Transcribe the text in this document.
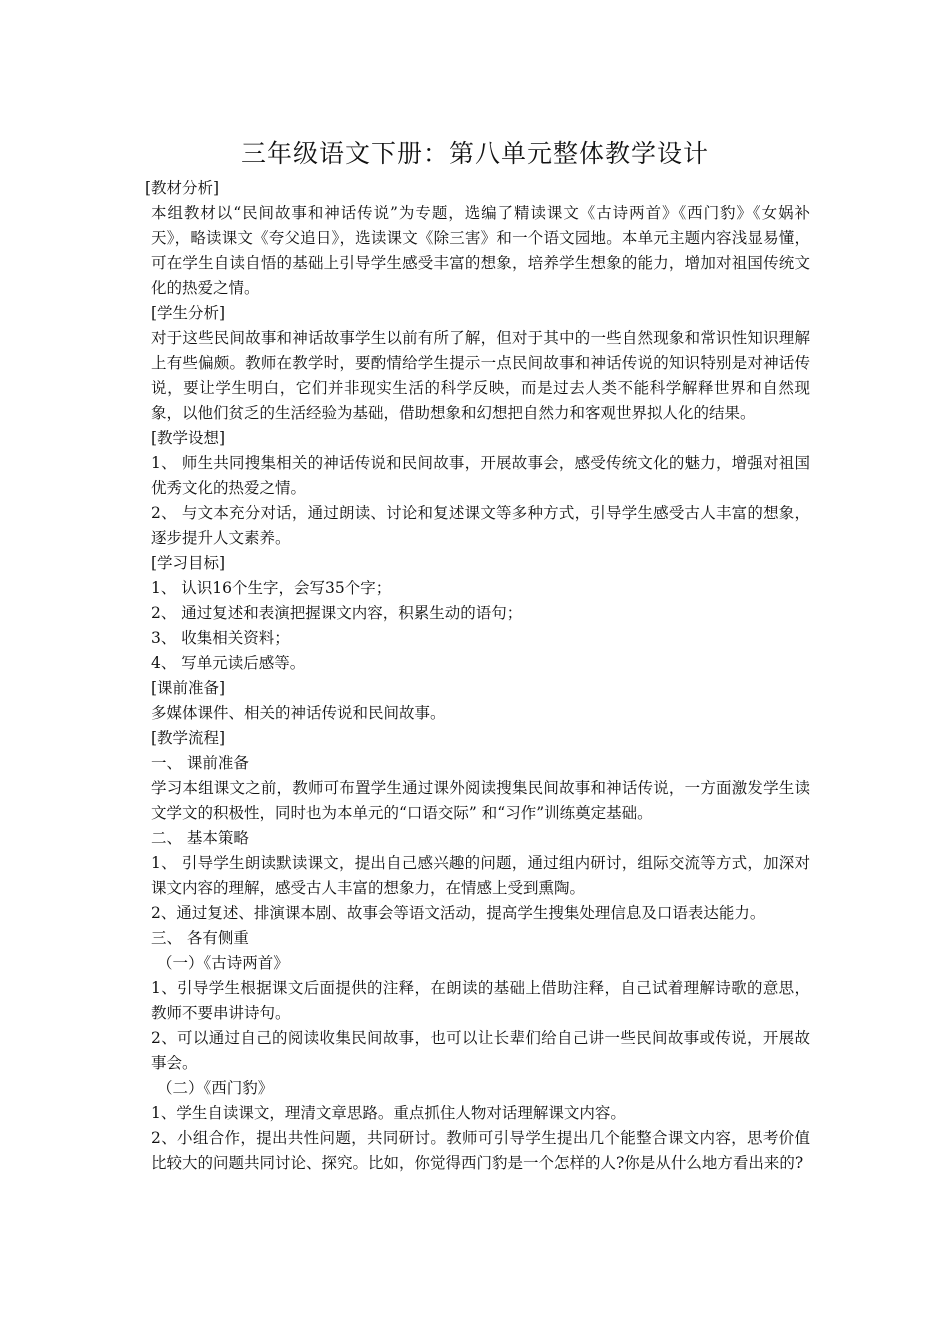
三年级语文下册：第八单元整体教学设计

[教材分析]

本组教材以“民间故事和神话传说”为专题，选编了精读课文《古诗两首》《西门豹》《女娲补天》，略读课文《夸父追日》，选读课文《除三害》和一个语文园地。本单元主题内容浅显易懂，可在学生自读自悟的基础上引导学生感受丰富的想象，培养学生想象的能力，增加对祖国传统文化的热爱之情。

[学生分析]

对于这些民间故事和神话故事学生以前有所了解，但对于其中的一些自然现象和常识性知识理解上有些偏颇。教师在教学时，要酌情给学生提示一点民间故事和神话传说的知识特别是对神话传说，要让学生明白，它们并非现实生活的科学反映，而是过去人类不能科学解释世界和自然现象，以他们贫乏的生活经验为基础，借助想象和幻想把自然力和客观世界拟人化的结果。

[教学设想]

1、 师生共同搜集相关的神话传说和民间故事，开展故事会，感受传统文化的魅力，增强对祖国优秀文化的热爱之情。

2、 与文本充分对话，通过朗读、讨论和复述课文等多种方式，引导学生感受古人丰富的想象，逐步提升人文素养。

[学习目标]

1、 认识16个生字，会写35个字；

2、 通过复述和表演把握课文内容，积累生动的语句；

3、 收集相关资料；

4、 写单元读后感等。

[课前准备]

多媒体课件、相关的神话传说和民间故事。

[教学流程]

一、 课前准备

学习本组课文之前，教师可布置学生通过课外阅读搜集民间故事和神话传说，一方面激发学生读文学文的积极性，同时也为本单元的“口语交际” 和“习作”训练奠定基础。

二、 基本策略

1、 引导学生朗读默读课文，提出自己感兴趣的问题，通过组内研讨，组际交流等方式，加深对课文内容的理解，感受古人丰富的想象力，在情感上受到熏陶。

2、通过复述、排演课本剧、故事会等语文活动，提高学生搜集处理信息及口语表达能力。

三、 各有侧重

（一）《古诗两首》

1、引导学生根据课文后面提供的注释，在朗读的基础上借助注释，自己试着理解诗歌的意思，教师不要串讲诗句。

2、可以通过自己的阅读收集民间故事，也可以让长辈们给自己讲一些民间故事或传说，开展故事会。

（二）《西门豹》

1、学生自读课文，理清文章思路。重点抓住人物对话理解课文内容。

2、小组合作，提出共性问题，共同研讨。教师可引导学生提出几个能整合课文内容，思考价值比较大的问题共同讨论、探究。比如，你觉得西门豹是一个怎样的人?你是从什么地方看出来的?
